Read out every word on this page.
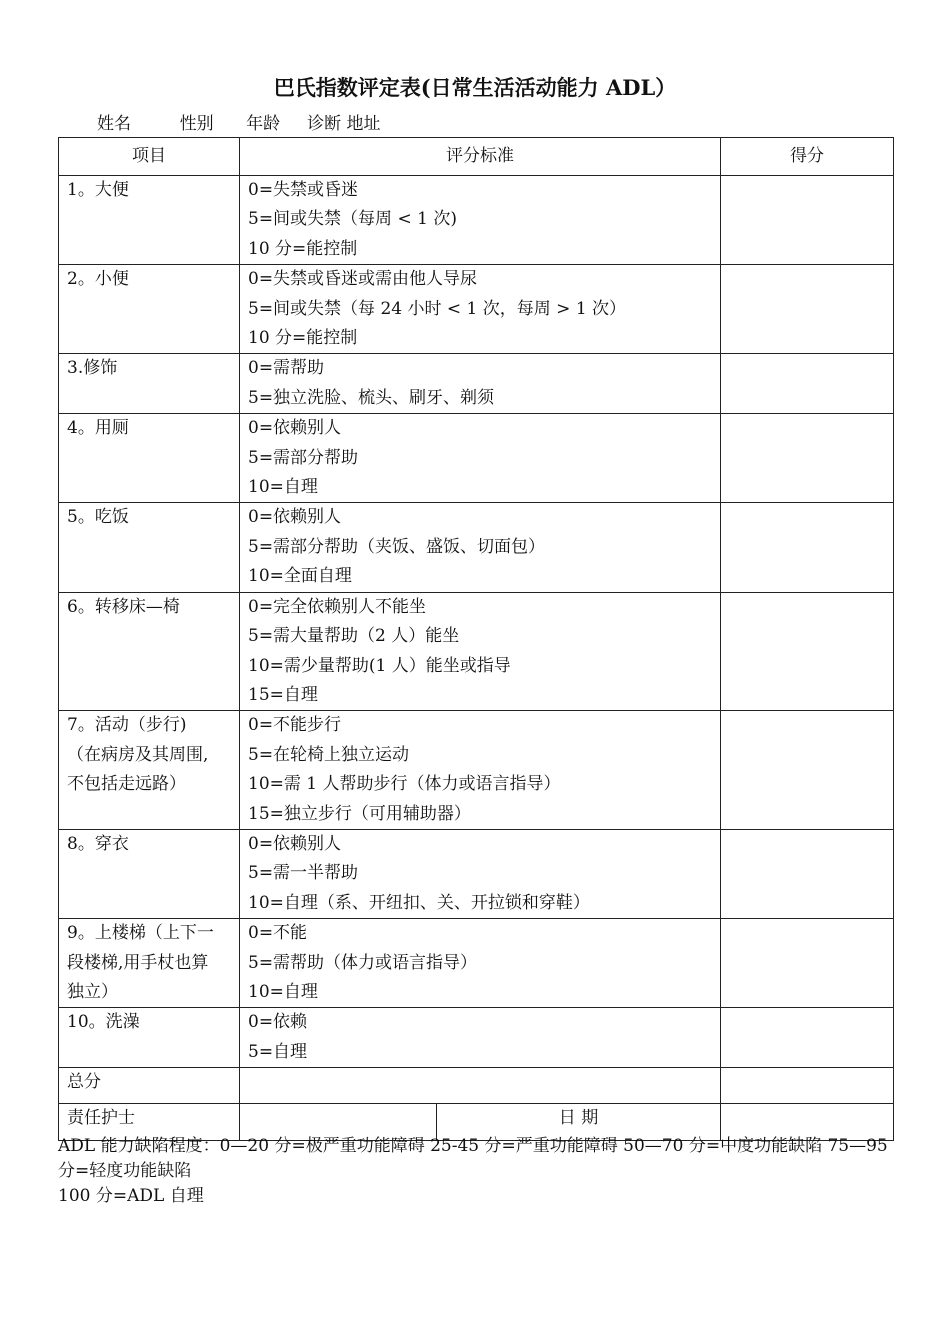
巴氏指数评定表(日常生活活动能力 ADL）
姓名	性别 年龄 诊断 地址
项目	评分标准		得分

1。大便	0=失禁或昏迷
5=间或失禁（每周 < 1 次)
10 分=能控制		

2。小便	0=失禁或昏迷或需由他人导尿
5=间或失禁（每 24 小时 < 1 次，每周 > 1 次）
10 分=能控制		

3.修饰	0=需帮助
5=独立洗脸、梳头、刷牙、剃须		

4。用厕	0=依赖别人
5=需部分帮助
10=自理		

5。吃饭	0=依赖别人
5=需部分帮助（夹饭、盛饭、切面包）
10=全面自理		

6。转移床—椅	0=完全依赖别人不能坐
5=需大量帮助（2 人）能坐
10=需少量帮助(1 人）能坐或指导
15=自理		

7。活动（步行)
（在病房及其周围,
不包括走远路）	0=不能步行
5=在轮椅上独立运动
10=需 1 人帮助步行（体力或语言指导）
15=独立步行（可用辅助器）		

8。穿衣	0=依赖别人
5=需一半帮助
10=自理（系、开纽扣、关、开拉锁和穿鞋）		

9。上楼梯（上下一
段楼梯,用手杖也算
独立）	0=不能
5=需帮助（体力或语言指导）
10=自理		

10。洗澡	0=依赖
5=自理		

总分			
责任护士		日 期	
ADL 能力缺陷程度：0—20 分=极严重功能障碍 25-45 分=严重功能障碍 50—70 分=中度功能缺陷 75—95 分=轻度功能缺陷
100 分=ADL 自理
